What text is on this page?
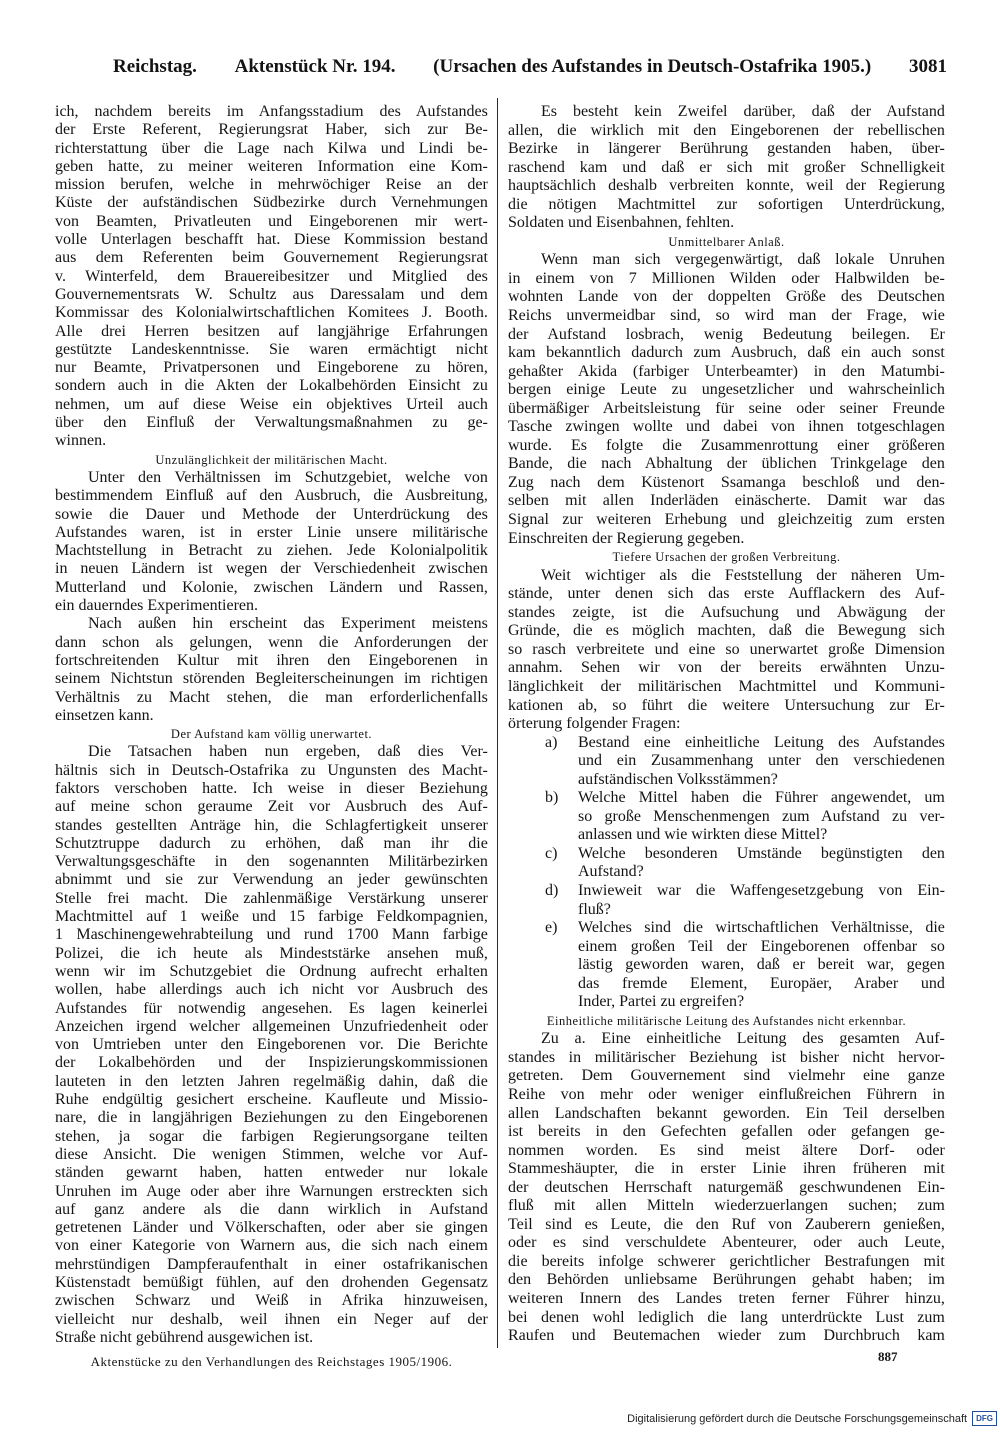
Reichstag. Aktenstück Nr. 194. (Ursachen des Aufstandes in Deutsch-Ostafrika 1905.) 3081
ich, nachdem bereits im Anfangsstadium des Aufstandes
der Erste Referent, Regierungsrat Haber, sich zur Be-
richterstattung über die Lage nach Kilwa und Lindi be-
geben hatte, zu meiner weiteren Information eine Kom-
mission berufen, welche in mehrwöchiger Reise an der
Küste der aufständischen Südbezirke durch Vernehmungen
von Beamten, Privatleuten und Eingeborenen mir wert-
volle Unterlagen beschafft hat. Diese Kommission bestand
aus dem Referenten beim Gouvernement Regierungsrat
v. Winterfeld, dem Brauereibesitzer und Mitglied des
Gouvernementsrats W. Schultz aus Daressalam und dem
Kommissar des Kolonialwirtschaftlichen Komitees J. Booth.
Alle drei Herren besitzen auf langjährige Erfahrungen
gestützte Landeskenntnisse. Sie waren ermächtigt nicht
nur Beamte, Privatpersonen und Eingeborene zu hören,
sondern auch in die Akten der Lokalbehörden Einsicht zu
nehmen, um auf diese Weise ein objektives Urteil auch
über den Einfluß der Verwaltungsmaßnahmen zu ge-
winnen.
Unzulänglichkeit der militärischen Macht.
Unter den Verhältnissen im Schutzgebiet, welche von
bestimmendem Einfluß auf den Ausbruch, die Ausbreitung,
sowie die Dauer und Methode der Unterdrückung des
Aufstandes waren, ist in erster Linie unsere militärische
Machtstellung in Betracht zu ziehen. Jede Kolonialpolitik
in neuen Ländern ist wegen der Verschiedenheit zwischen
Mutterland und Kolonie, zwischen Ländern und Rassen,
ein dauerndes Experimentieren.
Nach außen hin erscheint das Experiment meistens
dann schon als gelungen, wenn die Anforderungen der
fortschreitenden Kultur mit ihren den Eingeborenen in
seinem Nichtstun störenden Begleiterscheinungen im richtigen
Verhältnis zu Macht stehen, die man erforderlichenfalls
einsetzen kann.
Der Aufstand kam völlig unerwartet.
Die Tatsachen haben nun ergeben, daß dies Ver-
hältnis sich in Deutsch-Ostafrika zu Ungunsten des Macht-
faktors verschoben hatte. Ich weise in dieser Beziehung
auf meine schon geraume Zeit vor Ausbruch des Auf-
standes gestellten Anträge hin, die Schlagfertigkeit unserer
Schutztruppe dadurch zu erhöhen, daß man ihr die
Verwaltungsgeschäfte in den sogenannten Militärbezirken
abnimmt und sie zur Verwendung an jeder gewünschten
Stelle frei macht. Die zahlenmäßige Verstärkung unserer
Machtmittel auf 1 weiße und 15 farbige Feldkompagnien,
1 Maschinengewehrabteilung und rund 1700 Mann farbige
Polizei, die ich heute als Mindeststärke ansehen muß,
wenn wir im Schutzgebiet die Ordnung aufrecht erhalten
wollen, habe allerdings auch ich nicht vor Ausbruch des
Aufstandes für notwendig angesehen. Es lagen keinerlei
Anzeichen irgend welcher allgemeinen Unzufriedenheit oder
von Umtrieben unter den Eingeborenen vor. Die Berichte
der Lokalbehörden und der Inspizierungskommissionen
lauteten in den letzten Jahren regelmäßig dahin, daß die
Ruhe endgültig gesichert erscheine. Kaufleute und Missio-
nare, die in langjährigen Beziehungen zu den Eingeborenen
stehen, ja sogar die farbigen Regierungsorgane teilten
diese Ansicht. Die wenigen Stimmen, welche vor Auf-
ständen gewarnt haben, hatten entweder nur lokale
Unruhen im Auge oder aber ihre Warnungen erstreckten sich
auf ganz andere als die dann wirklich in Aufstand
getretenen Länder und Völkerschaften, oder aber sie gingen
von einer Kategorie von Warnern aus, die sich nach einem
mehrstündigen Dampferaufenthalt in einer ostafrikanischen
Küstenstadt bemüßigt fühlen, auf den drohenden Gegensatz
zwischen Schwarz und Weiß in Afrika hinzuweisen,
vielleicht nur deshalb, weil ihnen ein Neger auf der
Straße nicht gebührend ausgewichen ist.
Es besteht kein Zweifel darüber, daß der Aufstand
allen, die wirklich mit den Eingeborenen der rebellischen
Bezirke in längerer Berührung gestanden haben, über-
raschend kam und daß er sich mit großer Schnelligkeit
hauptsächlich deshalb verbreiten konnte, weil der Regierung
die nötigen Machtmittel zur sofortigen Unterdrückung,
Soldaten und Eisenbahnen, fehlten.
Unmittelbarer Anlaß.
Wenn man sich vergegenwärtigt, daß lokale Unruhen
in einem von 7 Millionen Wilden oder Halbwilden be-
wohnten Lande von der doppelten Größe des Deutschen
Reichs unvermeidbar sind, so wird man der Frage, wie
der Aufstand losbrach, wenig Bedeutung beilegen. Er
kam bekanntlich dadurch zum Ausbruch, daß ein auch sonst
gehaßter Akida (farbiger Unterbeamter) in den Matumbi-
bergen einige Leute zu ungesetzlicher und wahrscheinlich
übermäßiger Arbeitsleistung für seine oder seiner Freunde
Tasche zwingen wollte und dabei von ihnen totgeschlagen
wurde. Es folgte die Zusammenrottung einer größeren
Bande, die nach Abhaltung der üblichen Trinkgelage den
Zug nach dem Küstenort Ssamanga beschloß und den-
selben mit allen Inderläden einäscherte. Damit war das
Signal zur weiteren Erhebung und gleichzeitig zum ersten
Einschreiten der Regierung gegeben.
Tiefere Ursachen der großen Verbreitung.
Weit wichtiger als die Feststellung der näheren Um-
stände, unter denen sich das erste Aufflackern des Auf-
standes zeigte, ist die Aufsuchung und Abwägung der
Gründe, die es möglich machten, daß die Bewegung sich
so rasch verbreitete und eine so unerwartet große Dimension
annahm. Sehen wir von der bereits erwähnten Unzu-
länglichkeit der militärischen Machtmittel und Kommuni-
kationen ab, so führt die weitere Untersuchung zur Er-
örterung folgender Fragen:
a) Bestand eine einheitliche Leitung des Aufstandes
und ein Zusammenhang unter den verschiedenen
aufständischen Volksstämmen?
b) Welche Mittel haben die Führer angewendet, um
so große Menschenmengen zum Aufstand zu ver-
anlassen und wie wirkten diese Mittel?
c) Welche besonderen Umstände begünstigten den
Aufstand?
d) Inwieweit war die Waffengesetzgebung von Ein-
fluß?
e) Welches sind die wirtschaftlichen Verhältnisse, die
einem großen Teil der Eingeborenen offenbar so
lästig geworden waren, daß er bereit war, gegen
das fremde Element, Europäer, Araber und
Inder, Partei zu ergreifen?
Einheitliche militärische Leitung des Aufstandes nicht erkennbar.
Zu a. Eine einheitliche Leitung des gesamten Auf-
standes in militärischer Beziehung ist bisher nicht hervor-
getreten. Dem Gouvernement sind vielmehr eine ganze
Reihe von mehr oder weniger einflußreichen Führern in
allen Landschaften bekannt geworden. Ein Teil derselben
ist bereits in den Gefechten gefallen oder gefangen ge-
nommen worden. Es sind meist ältere Dorf- oder
Stammeshäupter, die in erster Linie ihren früheren mit
der deutschen Herrschaft naturgemäß geschwundenen Ein-
fluß mit allen Mitteln wiederzuerlangen suchen; zum
Teil sind es Leute, die den Ruf von Zauberern genießen,
oder es sind verschuldete Abenteurer, oder auch Leute,
die bereits infolge schwerer gerichtlicher Bestrafungen mit
den Behörden unliebsame Berührungen gehabt haben; im
weiteren Innern des Landes treten ferner Führer hinzu,
bei denen wohl lediglich die lang unterdrückte Lust zum
Raufen und Beutemachen wieder zum Durchbruch kam
Aktenstücke zu den Verhandlungen des Reichstages 1905/1906.	887
Digitalisierung gefördert durch die Deutsche Forschungsgemeinschaft	DFG
